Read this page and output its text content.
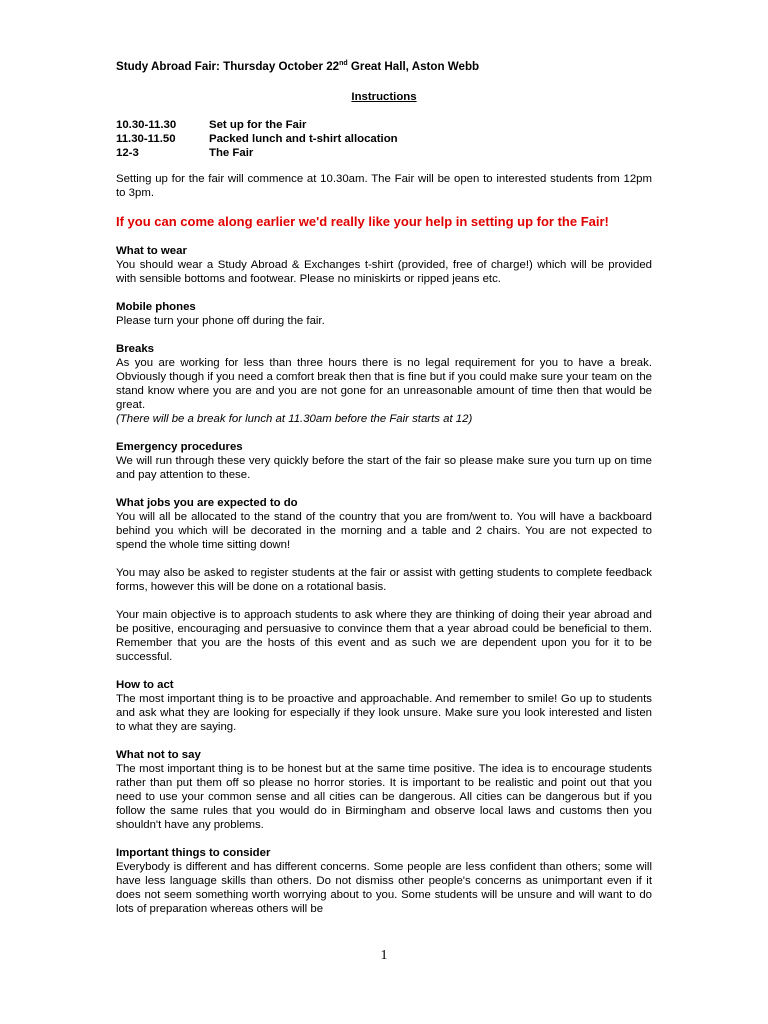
Study Abroad Fair: Thursday October 22nd Great Hall, Aston Webb
Instructions
10.30-11.30	Set up for the Fair
11.30-11.50	Packed lunch and t-shirt allocation
12-3	The Fair

Setting up for the fair will commence at 10.30am. The Fair will be open to interested students from 12pm to 3pm.

If you can come along earlier we'd really like your help in setting up for the Fair!
What to wear

You should wear a Study Abroad & Exchanges t-shirt (provided, free of charge!) which will be provided with sensible bottoms and footwear. Please no miniskirts or ripped jeans etc.

Mobile phones

Please turn your phone off during the fair.

Breaks

As you are working for less than three hours there is no legal requirement for you to have a break. Obviously though if you need a comfort break then that is fine but if you could make sure your team on the stand know where you are and you are not gone for an unreasonable amount of time then that would be great.

(There will be a break for lunch at 11.30am before the Fair starts at 12)

Emergency procedures

We will run through these very quickly before the start of the fair so please make sure you turn up on time and pay attention to these.

What jobs you are expected to do

You will all be allocated to the stand of the country that you are from/went to. You will have a backboard behind you which will be decorated in the morning and a table and 2 chairs. You are not expected to spend the whole time sitting down!

You may also be asked to register students at the fair or assist with getting students to complete feedback forms, however this will be done on a rotational basis.

Your main objective is to approach students to ask where they are thinking of doing their year abroad and be positive, encouraging and persuasive to convince them that a year abroad could be beneficial to them. Remember that you are the hosts of this event and as such we are dependent upon you for it to be successful.

How to act

The most important thing is to be proactive and approachable. And remember to smile! Go up to students and ask what they are looking for especially if they look unsure. Make sure you look interested and listen to what they are saying.

What not to say

The most important thing is to be honest but at the same time positive. The idea is to encourage students rather than put them off so please no horror stories. It is important to be realistic and point out that you need to use your common sense and all cities can be dangerous. All cities can be dangerous but if you follow the same rules that you would do in Birmingham and observe local laws and customs then you shouldn't have any problems.

Important things to consider

Everybody is different and has different concerns. Some people are less confident than others; some will have less language skills than others. Do not dismiss other people's concerns as unimportant even if it does not seem something worth worrying about to you. Some students will be unsure and will want to do lots of preparation whereas others will be

1
